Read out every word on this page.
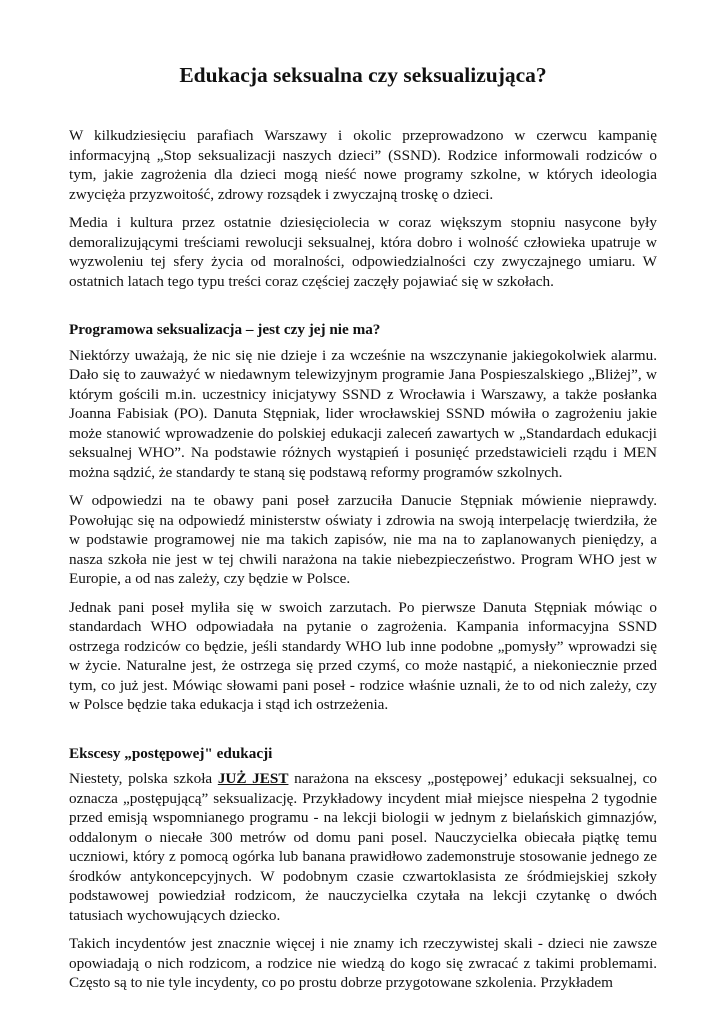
Edukacja seksualna czy seksualizująca?

W kilkudziesięciu parafiach Warszawy i okolic przeprowadzono w czerwcu kampanię informacyjną „Stop seksualizacji naszych dzieci” (SSND). Rodzice informowali rodziców o tym, jakie zagrożenia dla dzieci mogą nieść nowe programy szkolne, w których ideologia zwycięża przyzwoitość, zdrowy rozsądek i zwyczajną troskę o dzieci.

Media i kultura przez ostatnie dziesięciolecia w coraz większym stopniu nasycone były demoralizującymi treściami rewolucji seksualnej, która dobro i wolność człowieka upatruje w wyzwoleniu tej sfery życia od moralności, odpowiedzialności czy zwyczajnego umiaru. W ostatnich latach tego typu treści coraz częściej zaczęły pojawiać się w szkołach.

Programowa seksualizacja – jest czy jej nie ma?

Niektórzy uważają, że nic się nie dzieje i za wcześnie na wszczynanie jakiegokolwiek alarmu. Dało się to zauważyć w niedawnym telewizyjnym programie Jana Pospieszalskiego „Bliżej”, w którym gościli m.in. uczestnicy inicjatywy SSND z Wrocławia i Warszawy, a także posłanka Joanna Fabisiak (PO). Danuta Stępniak, lider wrocławskiej SSND mówiła o zagrożeniu jakie może stanowić wprowadzenie do polskiej edukacji zaleceń zawartych w „Standardach edukacji seksualnej WHO”. Na podstawie różnych wystąpień i posunięć przedstawicieli rządu i MEN można sądzić, że standardy te staną się podstawą reformy programów szkolnych.

W odpowiedzi na te obawy pani poseł zarzuciła Danucie Stępniak mówienie nieprawdy. Powołując się na odpowiedź ministerstw oświaty i zdrowia na swoją interpelację twierdziła, że w podstawie programowej nie ma takich zapisów, nie ma na to zaplanowanych pieniędzy, a nasza szkoła nie jest w tej chwili narażona na takie niebezpieczeństwo. Program WHO jest w Europie, a od nas zależy, czy będzie w Polsce.

Jednak pani poseł myliła się w swoich zarzutach. Po pierwsze Danuta Stępniak mówiąc o standardach WHO odpowiadała na pytanie o zagrożenia. Kampania informacyjna SSND ostrzega rodziców co będzie, jeśli standardy WHO lub inne podobne „pomysły” wprowadzi się w życie. Naturalne jest, że ostrzega się przed czymś, co może nastąpić, a niekoniecznie przed tym, co już jest. Mówiąc słowami pani poseł - rodzice właśnie uznali, że to od nich zależy, czy w Polsce będzie taka edukacja i stąd ich ostrzeżenia.

Ekscesy „postępowej" edukacji

Niestety, polska szkoła JUŻ JEST narażona na ekscesy „postępowej’ edukacji seksualnej, co oznacza „postępującą” seksualizację. Przykładowy incydent miał miejsce niespełna 2 tygodnie przed emisją wspomnianego programu - na lekcji biologii w jednym z bielańskich gimnazjów, oddalonym o niecałe 300 metrów od domu pani posel. Nauczycielka obiecała piątkę temu uczniowi, który z pomocą ogórka lub banana prawidłowo zademonstruje stosowanie jednego ze środków antykoncepcyjnych. W podobnym czasie czwartoklasista ze śródmiejskiej szkoły podstawowej powiedział rodzicom, że nauczycielka czytała na lekcji czytankę o dwóch tatusiach wychowujących dziecko.

Takich incydentów jest znacznie więcej i nie znamy ich rzeczywistej skali - dzieci nie zawsze opowiadają o nich rodzicom, a rodzice nie wiedzą do kogo się zwracać z takimi problemami. Często są to nie tyle incydenty, co po prostu dobrze przygotowane szkolenia. Przykładem
